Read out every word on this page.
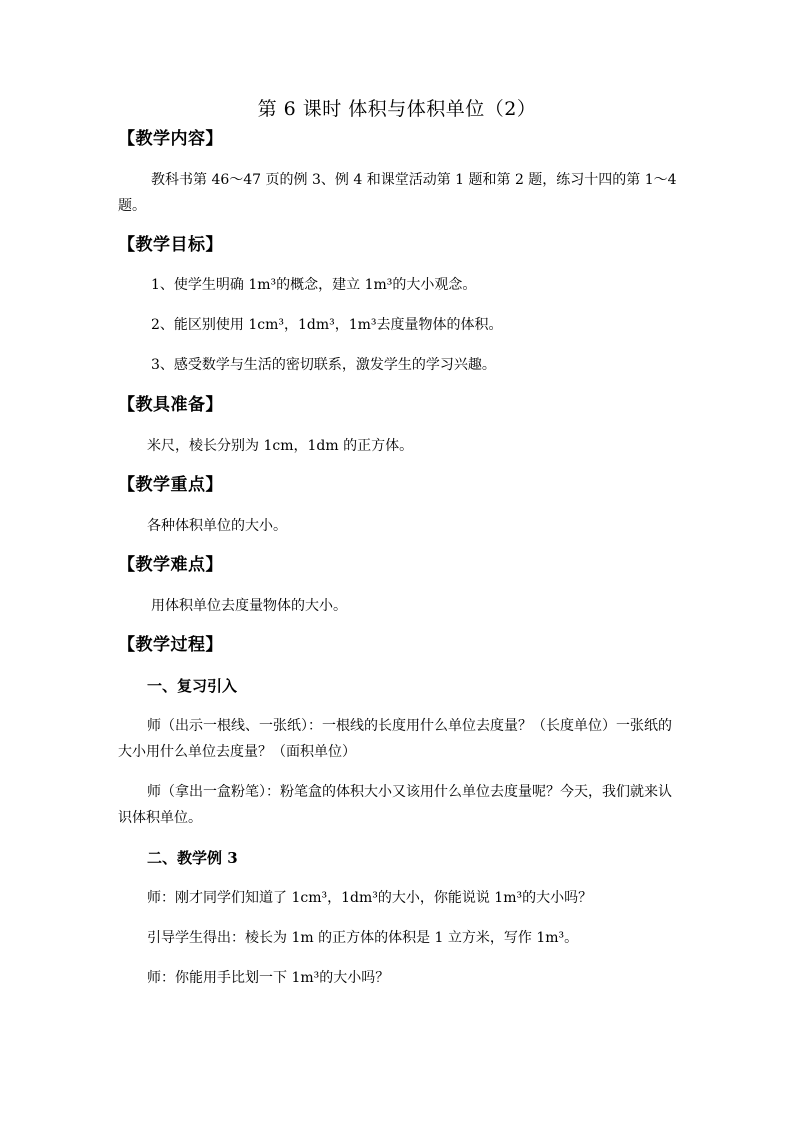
第 6 课时 体积与体积单位（2）
【教学内容】
教科书第 46～47 页的例 3、例 4 和课堂活动第 1 题和第 2 题，练习十四的第 1～4 题。
【教学目标】
1、使学生明确 1m³的概念，建立 1m³的大小观念。
2、能区别使用 1cm³，1dm³，1m³去度量物体的体积。
3、感受数学与生活的密切联系，激发学生的学习兴趣。
【教具准备】
米尺，棱长分别为 1cm，1dm 的正方体。
【教学重点】
各种体积单位的大小。
【教学难点】
用体积单位去度量物体的大小。
【教学过程】
一、复习引入
师（出示一根线、一张纸）：一根线的长度用什么单位去度量？（长度单位）一张纸的大小用什么单位去度量？（面积单位）
师（拿出一盒粉笔）：粉笔盒的体积大小又该用什么单位去度量呢？今天，我们就来认识体积单位。
二、教学例 3
师：刚才同学们知道了 1cm³，1dm³的大小，你能说说 1m³的大小吗？
引导学生得出：棱长为 1m 的正方体的体积是 1 立方米，写作 1m³。
师：你能用手比划一下 1m³的大小吗？
